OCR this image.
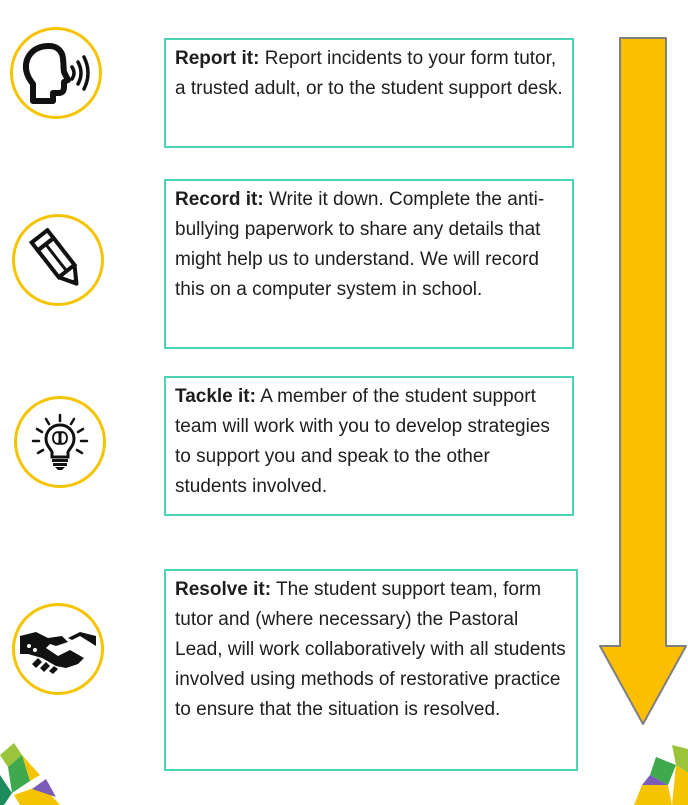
Report it: Report incidents to your form tutor, a trusted adult, or to the student support desk.
Record it: Write it down. Complete the anti-bullying paperwork to share any details that might help us to understand. We will record this on a computer system in school.
Tackle it: A member of the student support team will work with you to develop strategies to support you and speak to the other students involved.
Resolve it: The student support team, form tutor and (where necessary) the Pastoral Lead, will work collaboratively with all students involved using methods of restorative practice to ensure that the situation is resolved.
